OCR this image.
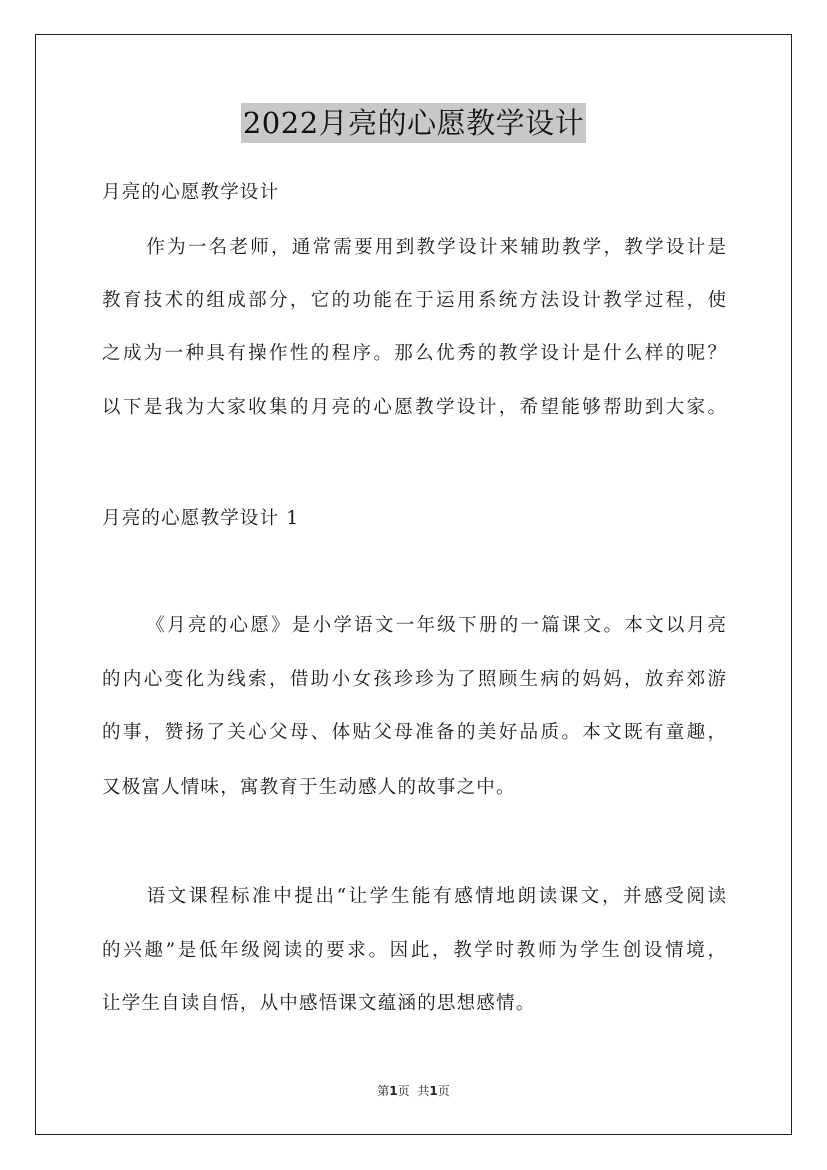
2022月亮的心愿教学设计
月亮的心愿教学设计
作为一名老师，通常需要用到教学设计来辅助教学，教学设计是
教育技术的组成部分，它的功能在于运用系统方法设计教学过程，使
之成为一种具有操作性的程序。那么优秀的教学设计是什么样的呢？
以下是我为大家收集的月亮的心愿教学设计，希望能够帮助到大家。
月亮的心愿教学设计 1
《月亮的心愿》是小学语文一年级下册的一篇课文。本文以月亮
的内心变化为线索，借助小女孩珍珍为了照顾生病的妈妈，放弃郊游
的事，赞扬了关心父母、体贴父母准备的美好品质。本文既有童趣，
又极富人情味，寓教育于生动感人的故事之中。
语文课程标准中提出“让学生能有感情地朗读课文，并感受阅读
的兴趣”是低年级阅读的要求。因此，教学时教师为学生创设情境，
让学生自读自悟，从中感悟课文蕴涵的思想感情。
第1页 共1页
